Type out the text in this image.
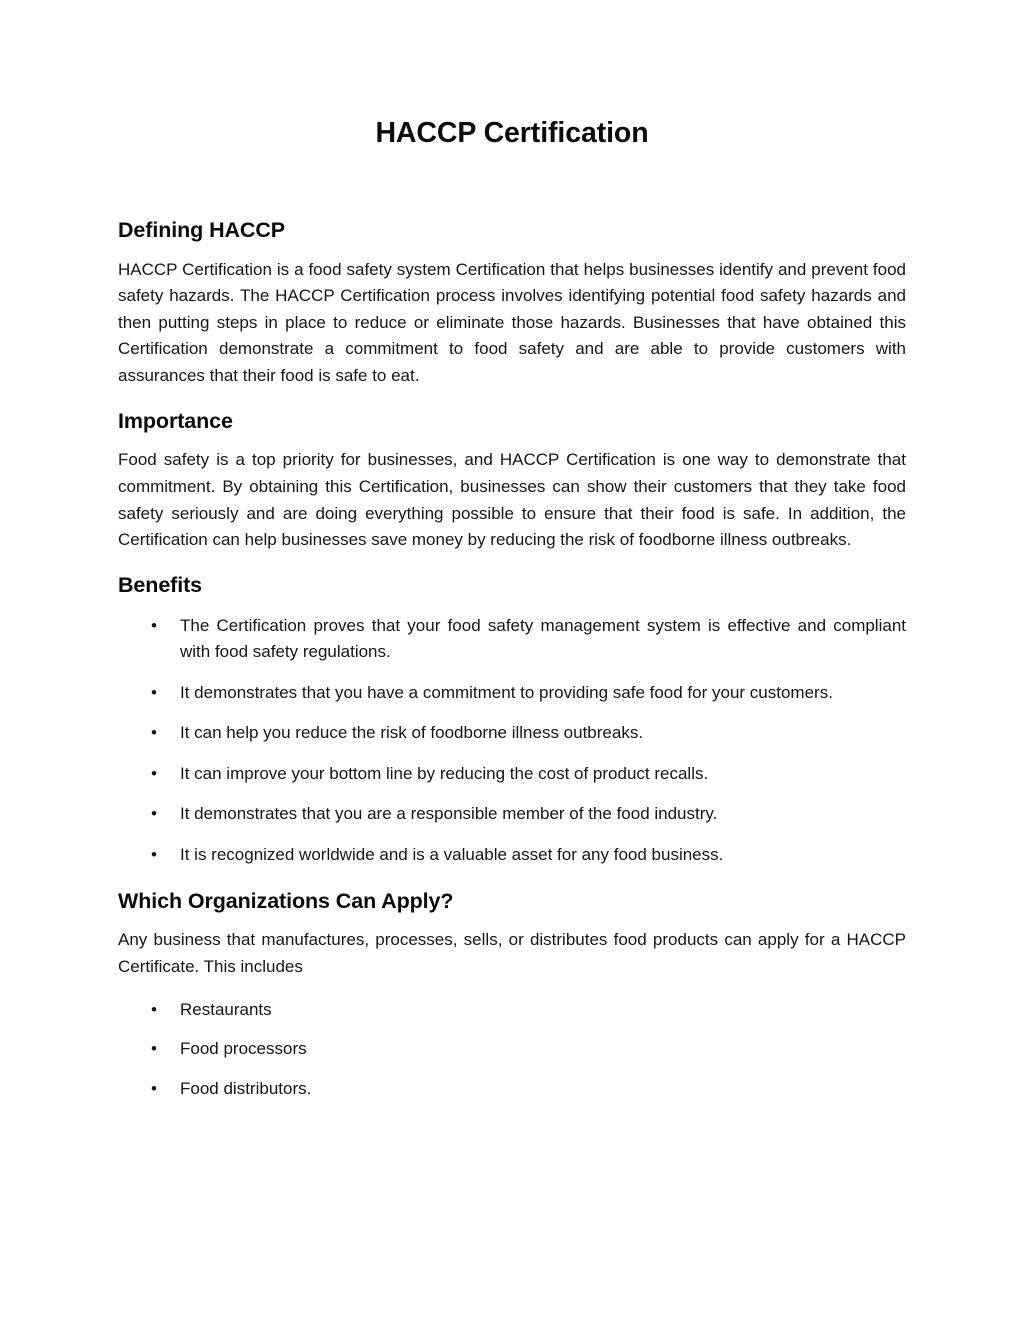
HACCP Certification
Defining HACCP

HACCP Certification is a food safety system Certification that helps businesses identify and prevent food safety hazards. The HACCP Certification process involves identifying potential food safety hazards and then putting steps in place to reduce or eliminate those hazards. Businesses that have obtained this Certification demonstrate a commitment to food safety and are able to provide customers with assurances that their food is safe to eat.

Importance

Food safety is a top priority for businesses, and HACCP Certification is one way to demonstrate that commitment. By obtaining this Certification, businesses can show their customers that they take food safety seriously and are doing everything possible to ensure that their food is safe. In addition, the Certification can help businesses save money by reducing the risk of foodborne illness outbreaks.

Benefits
• The Certification proves that your food safety management system is effective and compliant with food safety regulations.
• It demonstrates that you have a commitment to providing safe food for your customers.
• It can help you reduce the risk of foodborne illness outbreaks.
• It can improve your bottom line by reducing the cost of product recalls.
• It demonstrates that you are a responsible member of the food industry.
• It is recognized worldwide and is a valuable asset for any food business.
Which Organizations Can Apply?

Any business that manufactures, processes, sells, or distributes food products can apply for a HACCP Certificate. This includes

• Restaurants
• Food processors
• Food distributors.
